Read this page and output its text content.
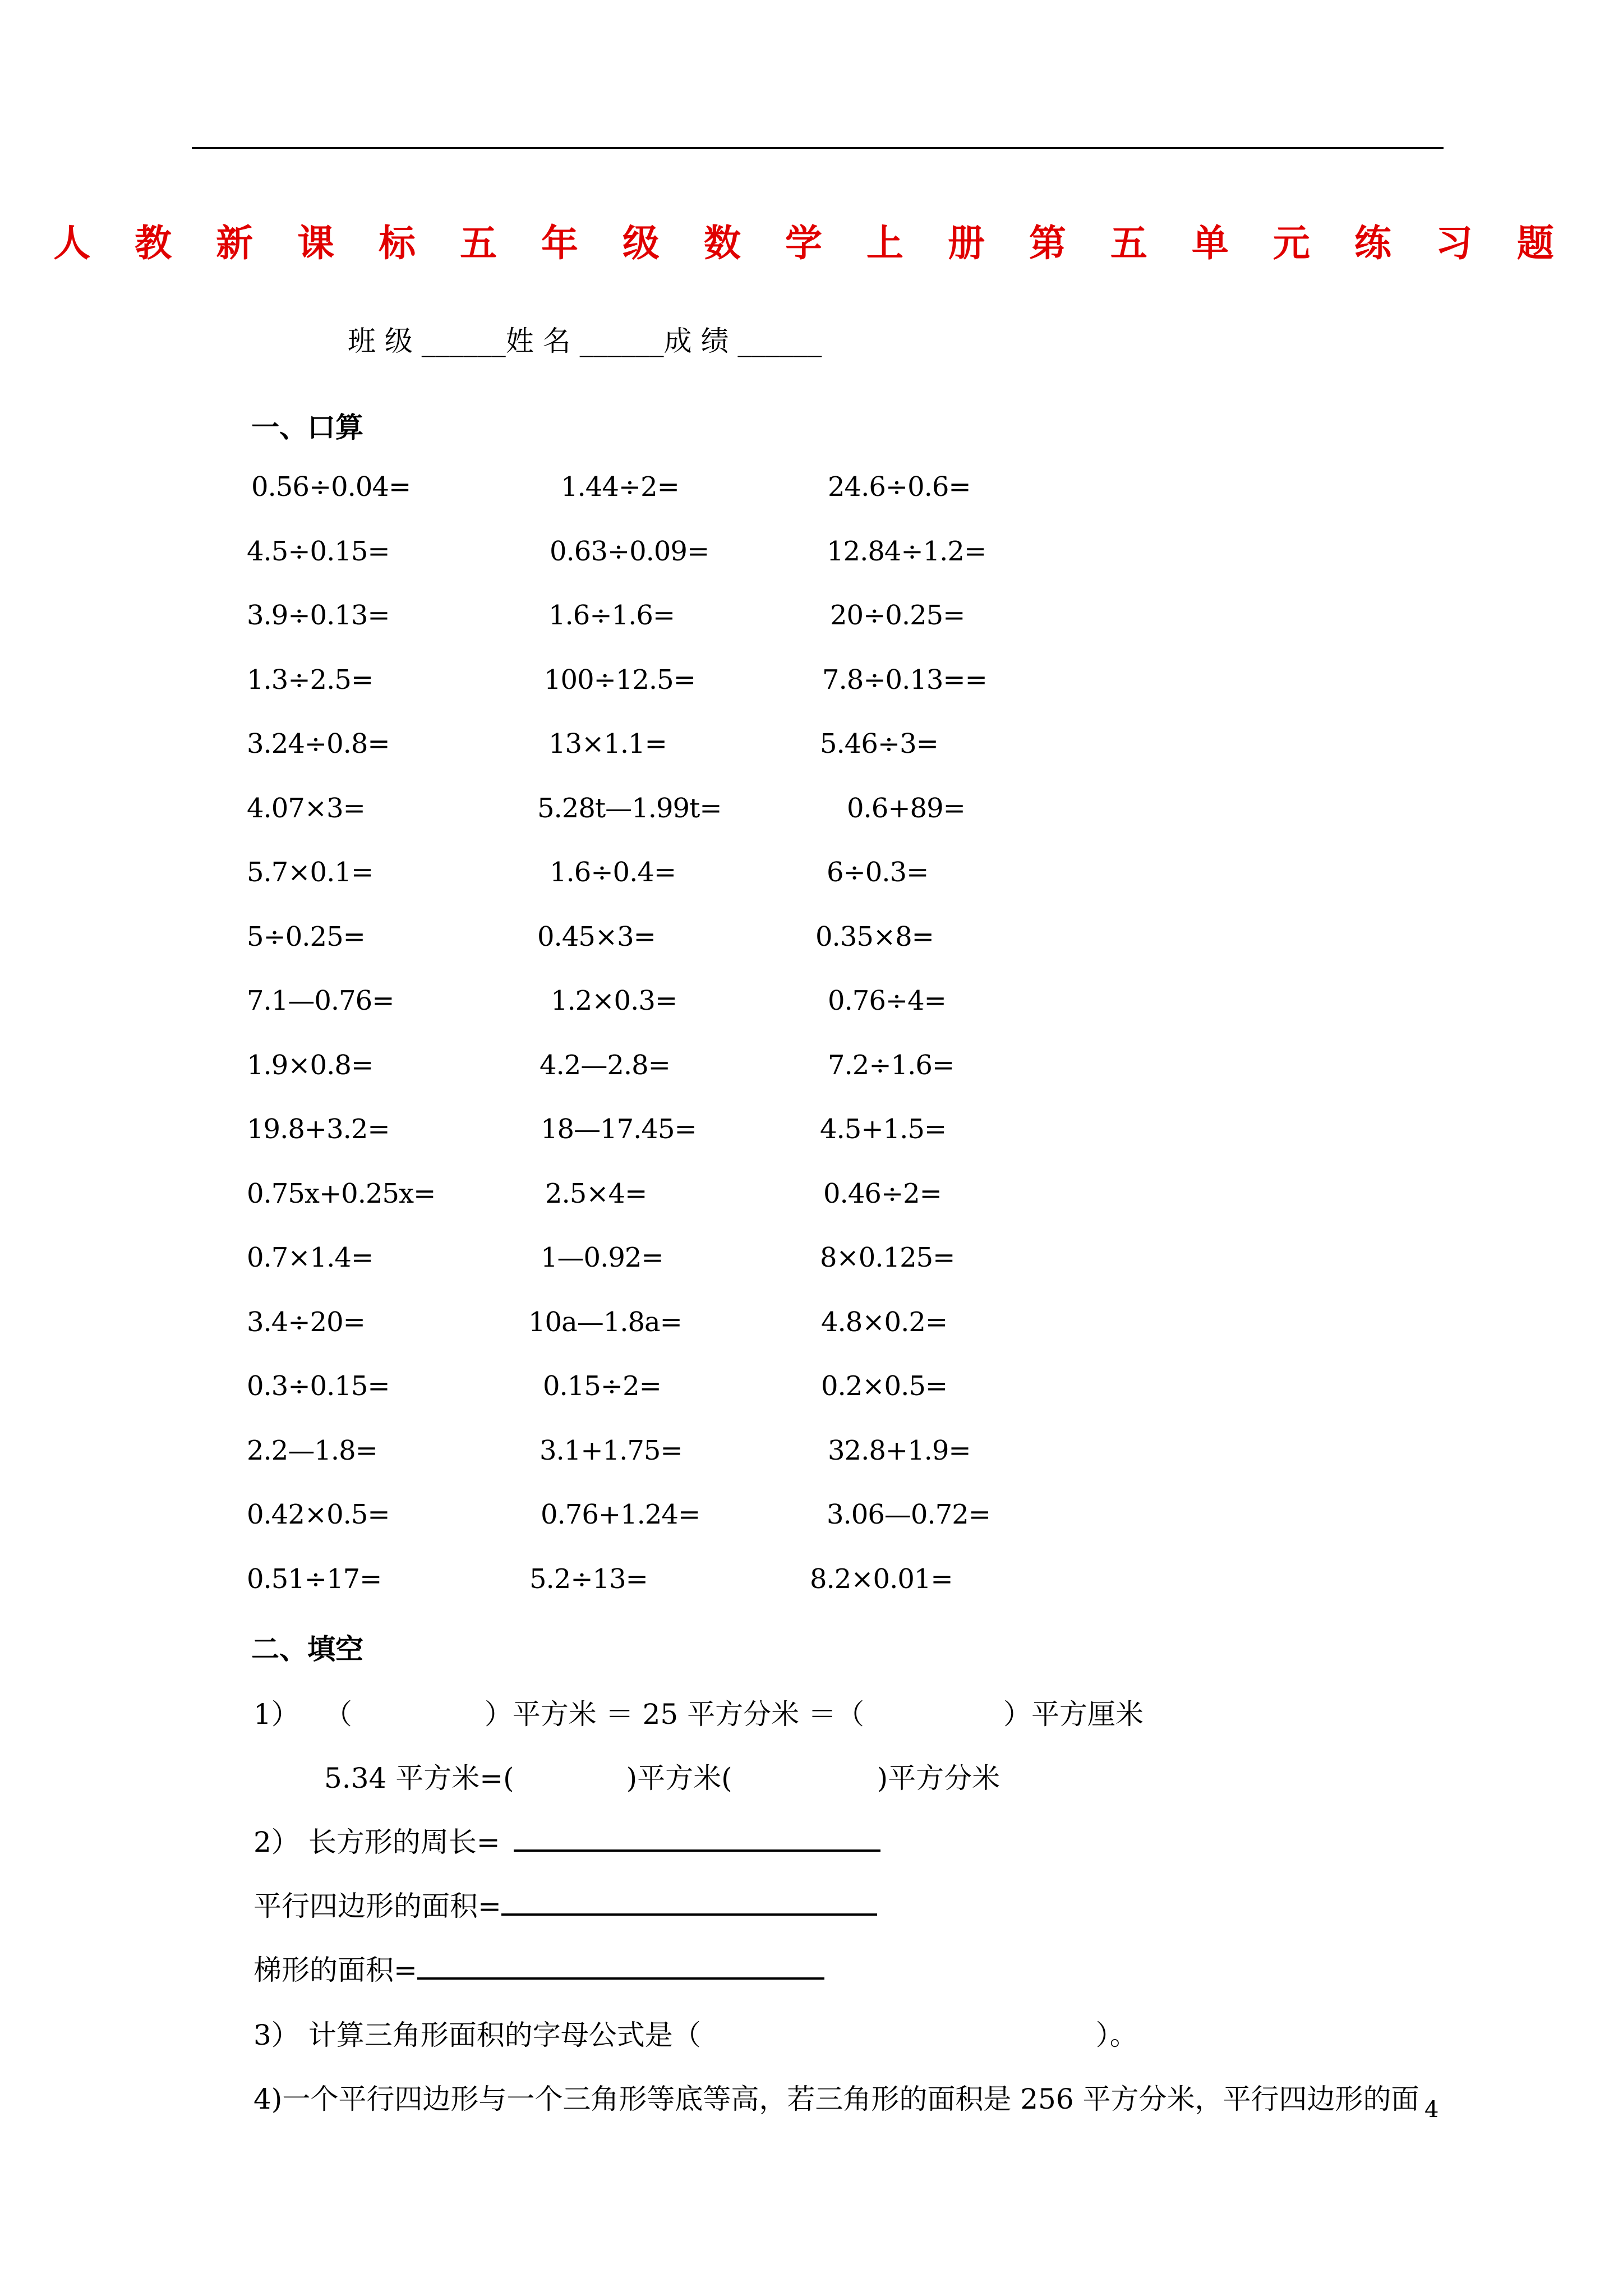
人 教 新 课 标 五 年 级 数 学 上 册 第 五 单 元 练 习 题
班 级 ______姓 名 ______成 绩 ______
一、口算
0.56÷0.04=	1.44÷2=	24.6÷0.6=
4.5÷0.15=	0.63÷0.09=	12.84÷1.2=
3.9÷0.13=	1.6÷1.6=	20÷0.25=
1.3÷2.5=	100÷12.5=	7.8÷0.13==
3.24÷0.8=	13×1.1=	5.46÷3=
4.07×3=	5.28t—1.99t=	0.6+89=
5.7×0.1=	1.6÷0.4=	6÷0.3=
5÷0.25=	0.45×3=	0.35×8=
7.1—0.76=	1.2×0.3=	0.76÷4=
1.9×0.8=	4.2—2.8=	7.2÷1.6=
19.8+3.2=	18—17.45=	4.5+1.5=
0.75x+0.25x=	2.5×4=	0.46÷2=
0.7×1.4=	1—0.92=	8×0.125=
3.4÷20=	10a—1.8a=	4.8×0.2=
0.3÷0.15=	0.15÷2=	0.2×0.5=
2.2—1.8=	3.1+1.75=	32.8+1.9=
0.42×0.5=	0.76+1.24=	3.06—0.72=
0.51÷17=	5.2÷13=	8.2×0.01=
二、填空
1） （	）平方米 ＝ 25 平方分米 ＝（	）平方厘米
5.34 平方米=(	)平方米(	)平方分米
2） 长方形的周长=
平行四边形的面积=
梯形的面积=
3） 计算三角形面积的字母公式是（	）。
4)一个平行四边形与一个三角形等底等高，若三角形的面积是 256 平方分米，平行四边形的面 4
